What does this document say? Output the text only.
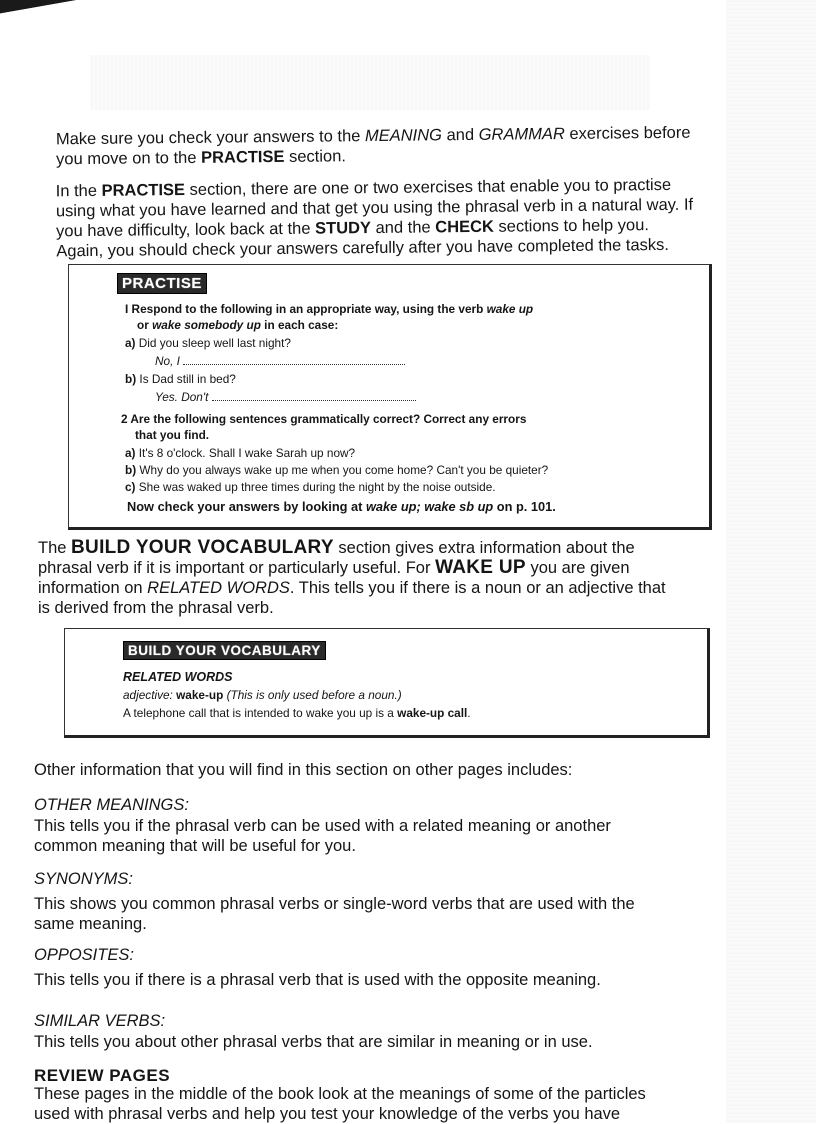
Make sure you check your answers to the MEANING and GRAMMAR exercises before
you move on to the PRACTISE section.

In the PRACTISE section, there are one or two exercises that enable you to practise
using what you have learned and that get you using the phrasal verb in a natural way. If
you have difficulty, look back at the STUDY and the CHECK sections to help you.
Again, you should check your answers carefully after you have completed the tasks.

PRACTISE

I Respond to the following in an appropriate way, using the verb wake up
or wake somebody up in each case:

a) Did you sleep well last night?

No, I

b) Is Dad still in bed?

Yes. Don't

2 Are the following sentences grammatically correct? Correct any errors
that you find.

a) It's 8 o'clock. Shall I wake Sarah up now?

b) Why do you always wake up me when you come home? Can't you be quieter?

c) She was waked up three times during the night by the noise outside.

Now check your answers by looking at wake up; wake sb up on p. 101.

The BUILD YOUR VOCABULARY section gives extra information about the
phrasal verb if it is important or particularly useful. For WAKE UP you are given
information on RELATED WORDS. This tells you if there is a noun or an adjective that
is derived from the phrasal verb.

BUILD YOUR VOCABULARY

RELATED WORDS

adjective: wake-up (This is only used before a noun.)

A telephone call that is intended to wake you up is a wake-up call.

Other information that you will find in this section on other pages includes:

OTHER MEANINGS:

This tells you if the phrasal verb can be used with a related meaning or another
common meaning that will be useful for you.

SYNONYMS:

This shows you common phrasal verbs or single-word verbs that are used with the
same meaning.

OPPOSITES:

This tells you if there is a phrasal verb that is used with the opposite meaning.

SIMILAR VERBS:

This tells you about other phrasal verbs that are similar in meaning or in use.

REVIEW PAGES

These pages in the middle of the book look at the meanings of some of the particles
used with phrasal verbs and help you test your knowledge of the verbs you have
